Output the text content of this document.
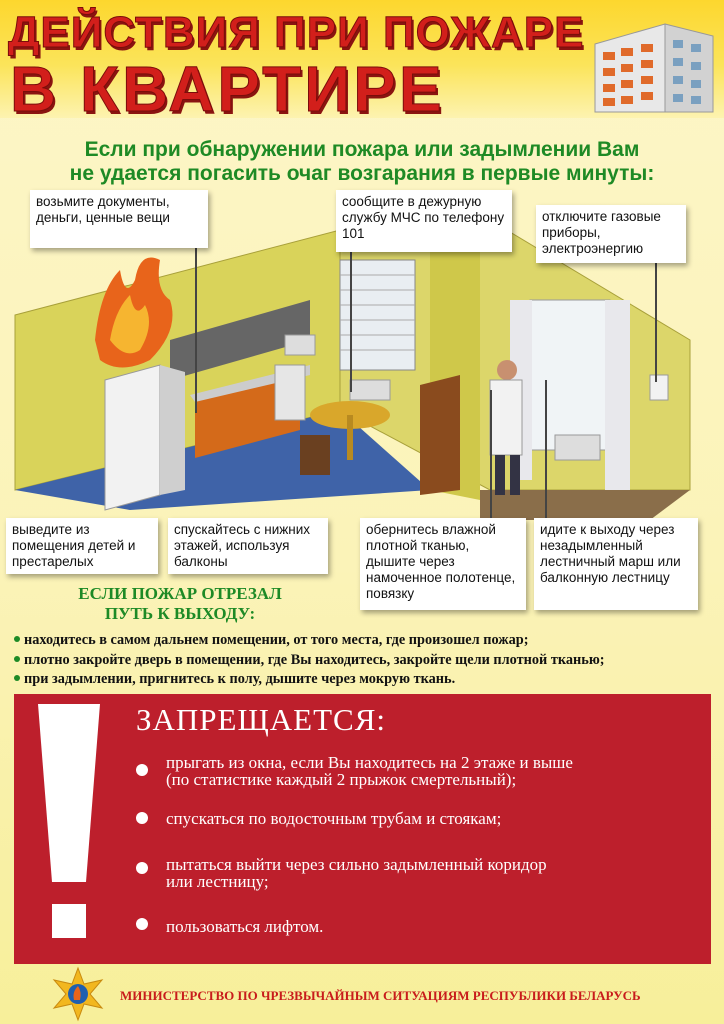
ДЕЙСТВИЯ ПРИ ПОЖАРЕ
В КВАРТИРЕ
Если при обнаружении пожара или задымлении Вам
не удается погасить очаг возгарания в первые минуты:
возьмите документы, деньги, ценные вещи
сообщите в дежурную службу МЧС по телефону 101
отключите газовые приборы, электроэнергию
выведите из помещения детей и престарелых
спускайтесь с нижних этажей, используя балконы
обернитесь влажной плотной тканью, дышите через намоченное полотенце, повязку
идите к выходу через незадымленный лестничный марш или балконную лестницу
ЕСЛИ ПОЖАР ОТРЕЗАЛ
ПУТЬ К ВЫХОДУ:
находитесь в самом дальнем помещении, от того места, где произошел пожар;
плотно закройте дверь в помещении, где Вы находитесь, закройте щели плотной тканью;
при задымлении, пригнитесь к полу, дышите через мокрую ткань.
ЗАПРЕЩАЕТСЯ:
прыгать из окна, если Вы находитесь на 2 этаже и выше
(по статистике каждый 2 прыжок смертельный);
спускаться по водосточным трубам и стоякам;
пытаться выйти через сильно задымленный коридор
или лестницу;
пользоваться лифтом.
МИНИСТЕРСТВО ПО ЧРЕЗВЫЧАЙНЫМ СИТУАЦИЯМ РЕСПУБЛИКИ БЕЛАРУСЬ
